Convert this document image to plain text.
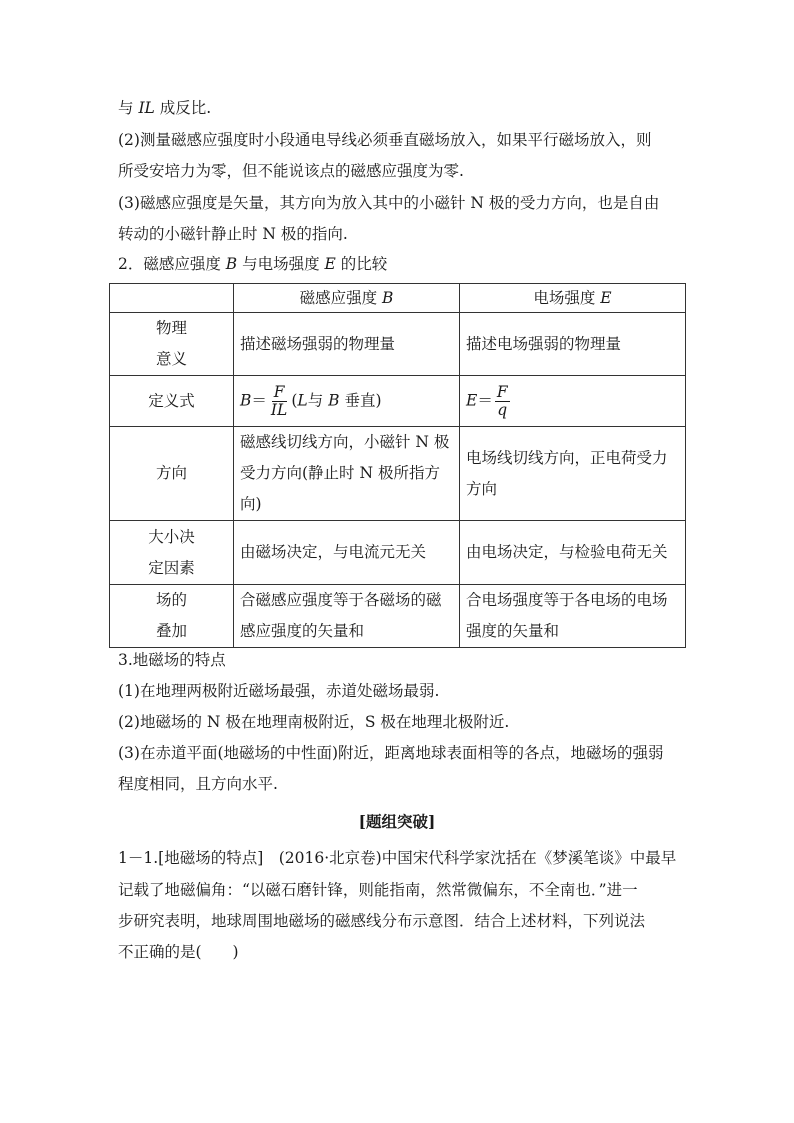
与 IL 成反比.

(2)测量磁感应强度时小段通电导线必须垂直磁场放入，如果平行磁场放入，则

所受安培力为零，但不能说该点的磁感应强度为零.

(3)磁感应强度是矢量，其方向为放入其中的小磁针 N 极的受力方向，也是自由

转动的小磁针静止时 N 极的指向.

2．磁感应强度 B 与电场强度 E 的比较

	磁感应强度 B	电场强度 E
物理
意义	描述磁场强弱的物理量	描述电场强弱的物理量
定义式	$B= \frac{F}{IL} (L$与 B 垂直)	$E= \frac{F}{q}$

方向	磁感线切线方向，小磁针 N 极
受力方向(静止时 N 极所指方
向)	电场线切线方向，正电荷受力
方向
大小决
定因素	由磁场决定，与电流元无关	由电场决定，与检验电荷无关
场的
叠加	合磁感应强度等于各磁场的磁
感应强度的矢量和	合电场强度等于各电场的电场
强度的矢量和

3.地磁场的特点

(1)在地理两极附近磁场最强，赤道处磁场最弱.

(2)地磁场的 N 极在地理南极附近，S 极在地理北极附近.

(3)在赤道平面(地磁场的中性面)附近，距离地球表面相等的各点，地磁场的强弱

程度相同，且方向水平.

[题组突破]

1－1.[地磁场的特点]　(2016·北京卷)中国宋代科学家沈括在《梦溪笔谈》中最早

记载了地磁偏角：“以磁石磨针锋，则能指南，然常微偏东，不全南也．”进一

步研究表明，地球周围地磁场的磁感线分布示意图．结合上述材料，下列说法

不正确的是(　　)
